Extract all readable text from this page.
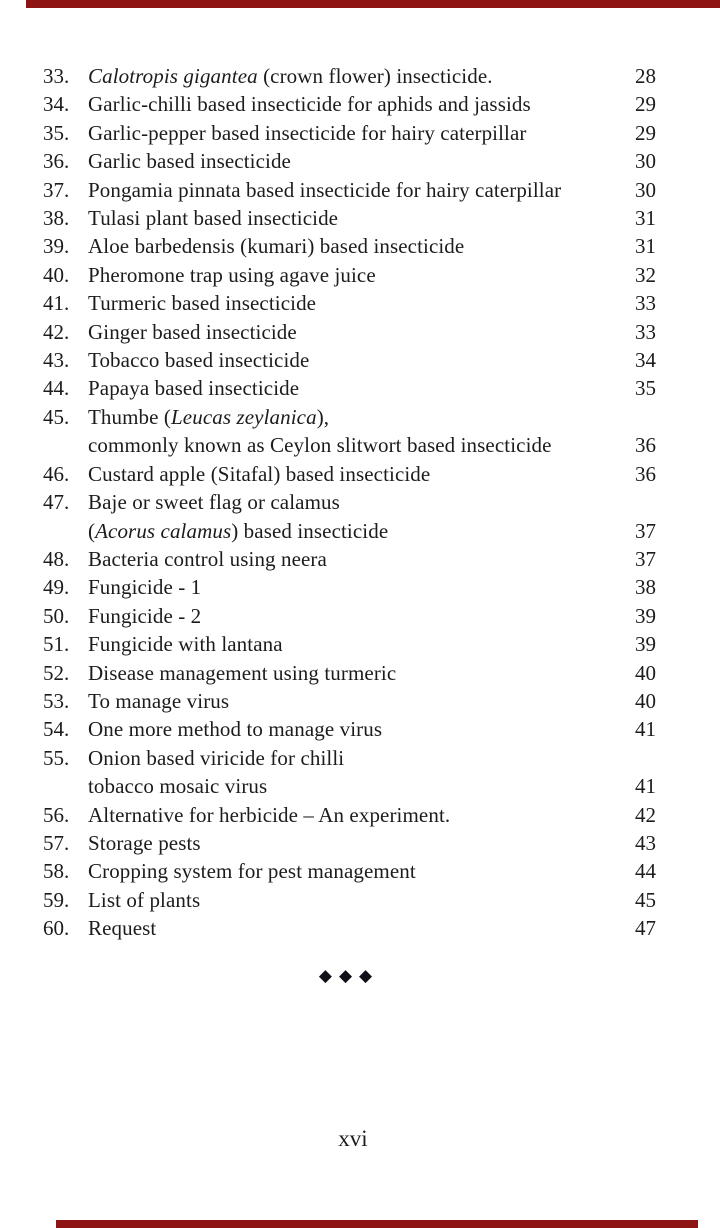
33. Calotropis gigantea (crown flower) insecticide.	28
34. Garlic-chilli based insecticide for aphids and jassids	29
35. Garlic-pepper based insecticide for hairy caterpillar	29
36. Garlic based insecticide	30
37. Pongamia pinnata based insecticide for hairy caterpillar	30
38. Tulasi plant based insecticide	31
39. Aloe barbedensis (kumari) based insecticide	31
40. Pheromone trap using agave juice	32
41. Turmeric based insecticide	33
42. Ginger based insecticide	33
43. Tobacco based insecticide	34
44. Papaya based insecticide	35
45. Thumbe (Leucas zeylanica),
commonly known as Ceylon slitwort based insecticide	36
46. Custard apple (Sitafal) based insecticide	36
47. Baje or sweet flag or calamus
(Acorus calamus) based insecticide	37
48. Bacteria control using neera	37
49. Fungicide - 1	38
50. Fungicide - 2	39
51. Fungicide with lantana	39
52. Disease management using turmeric	40
53. To manage virus	40
54. One more method to manage virus	41
55. Onion based viricide for chilli
tobacco mosaic virus	41
56. Alternative for herbicide – An experiment.	42
57. Storage pests	43
58. Cropping system for pest management	44
59. List of plants	45
60. Request	47
◆◆◆
xvi
